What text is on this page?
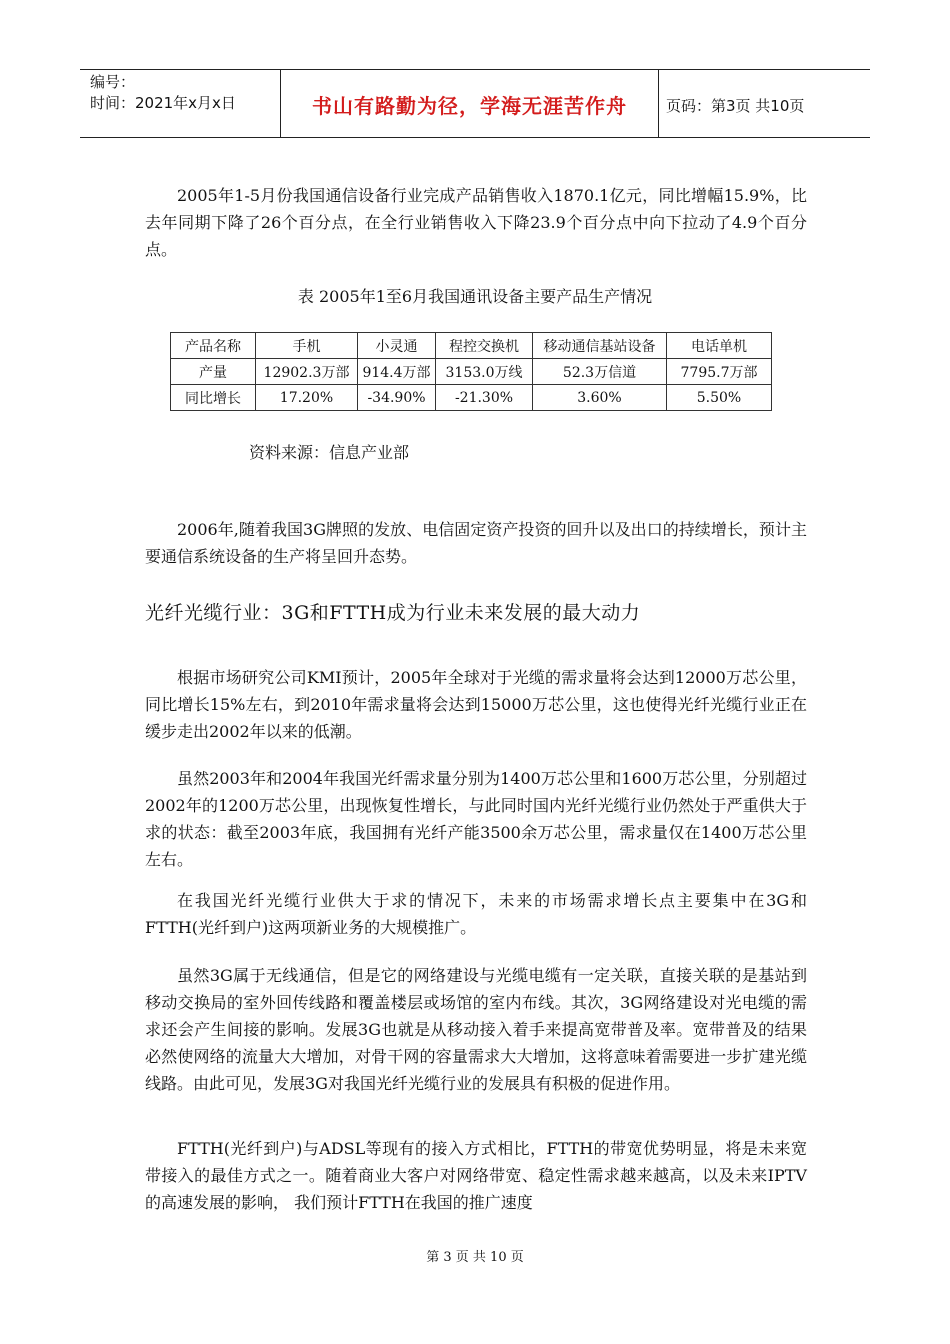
编号：
时间：2021年x月x日	书山有路勤为径，学海无涯苦作舟	页码：第3页 共10页

2005年1-5月份我国通信设备行业完成产品销售收入1870.1亿元，同比增幅15.9%，比去年同期下降了26个百分点，在全行业销售收入下降23.9个百分点中向下拉动了4.9个百分点。

表 2005年1至6月我国通讯设备主要产品生产情况
产品名称	手机	小灵通	程控交换机	移动通信基站设备	电话单机
产量	12902.3万部	914.4万部	3153.0万线	52.3万信道	7795.7万部
同比增长	17.20%	-34.90%	-21.30%	3.60%	5.50%
资料来源：信息产业部

2006年,随着我国3G牌照的发放、电信固定资产投资的回升以及出口的持续增长，预计主要通信系统设备的生产将呈回升态势。

光纤光缆行业：3G和FTTH成为行业未来发展的最大动力

根据市场研究公司KMI预计，2005年全球对于光缆的需求量将会达到12000万芯公里，同比增长15%左右，到2010年需求量将会达到15000万芯公里，这也使得光纤光缆行业正在缓步走出2002年以来的低潮。

虽然2003年和2004年我国光纤需求量分别为1400万芯公里和1600万芯公里，分别超过2002年的1200万芯公里，出现恢复性增长，与此同时国内光纤光缆行业仍然处于严重供大于求的状态：截至2003年底，我国拥有光纤产能3500余万芯公里，需求量仅在1400万芯公里左右。

在我国光纤光缆行业供大于求的情况下，未来的市场需求增长点主要集中在3G和FTTH(光纤到户)这两项新业务的大规模推广。

虽然3G属于无线通信，但是它的网络建设与光缆电缆有一定关联，直接关联的是基站到移动交换局的室外回传线路和覆盖楼层或场馆的室内布线。其次，3G网络建设对光电缆的需求还会产生间接的影响。发展3G也就是从移动接入着手来提高宽带普及率。宽带普及的结果必然使网络的流量大大增加，对骨干网的容量需求大大增加，这将意味着需要进一步扩建光缆线路。由此可见，发展3G对我国光纤光缆行业的发展具有积极的促进作用。

FTTH(光纤到户)与ADSL等现有的接入方式相比，FTTH的带宽优势明显，将是未来宽带接入的最佳方式之一。随着商业大客户对网络带宽、稳定性需求越来越高，以及未来IPTV 的高速发展的影响， 我们预计FTTH在我国的推广速度

第 3 页 共 10 页
